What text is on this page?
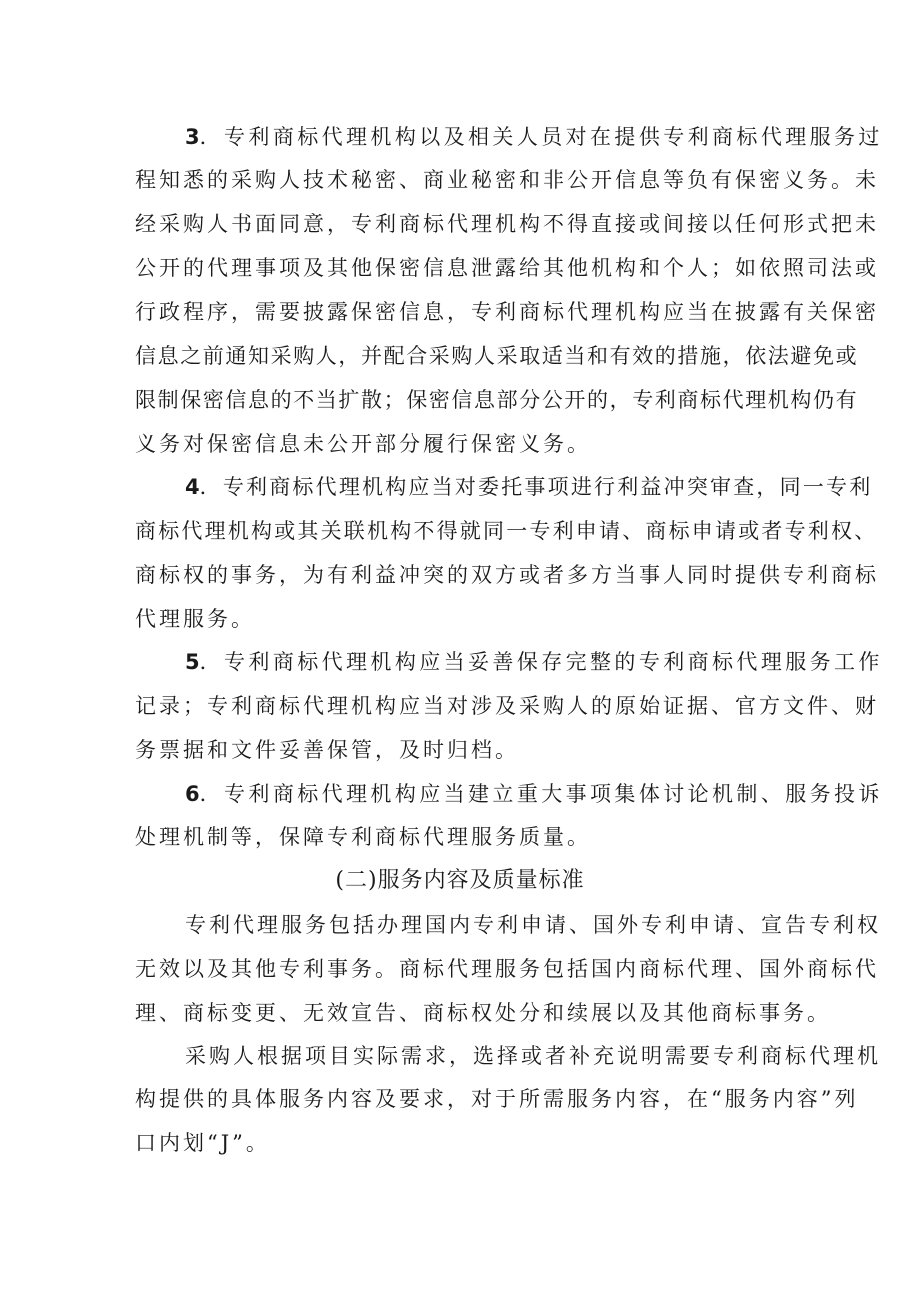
3．专利商标代理机构以及相关人员对在提供专利商标代理服务过
程知悉的采购人技术秘密、商业秘密和非公开信息等负有保密义务。未
经采购人书面同意，专利商标代理机构不得直接或间接以任何形式把未
公开的代理事项及其他保密信息泄露给其他机构和个人；如依照司法或
行政程序，需要披露保密信息，专利商标代理机构应当在披露有关保密
信息之前通知采购人，并配合采购人采取适当和有效的措施，依法避免或
限制保密信息的不当扩散；保密信息部分公开的，专利商标代理机构仍有
义务对保密信息未公开部分履行保密义务。
4．专利商标代理机构应当对委托事项进行利益冲突审查，同一专利
商标代理机构或其关联机构不得就同一专利申请、商标申请或者专利权、
商标权的事务，为有利益冲突的双方或者多方当事人同时提供专利商标
代理服务。
5．专利商标代理机构应当妥善保存完整的专利商标代理服务工作
记录；专利商标代理机构应当对涉及采购人的原始证据、官方文件、财
务票据和文件妥善保管，及时归档。
6．专利商标代理机构应当建立重大事项集体讨论机制、服务投诉
处理机制等，保障专利商标代理服务质量。
(二)服务内容及质量标准
专利代理服务包括办理国内专利申请、国外专利申请、宣告专利权
无效以及其他专利事务。商标代理服务包括国内商标代理、国外商标代
理、商标变更、无效宣告、商标权处分和续展以及其他商标事务。
采购人根据项目实际需求，选择或者补充说明需要专利商标代理机
构提供的具体服务内容及要求，对于所需服务内容，在“服务内容”列
口内划“J”。
